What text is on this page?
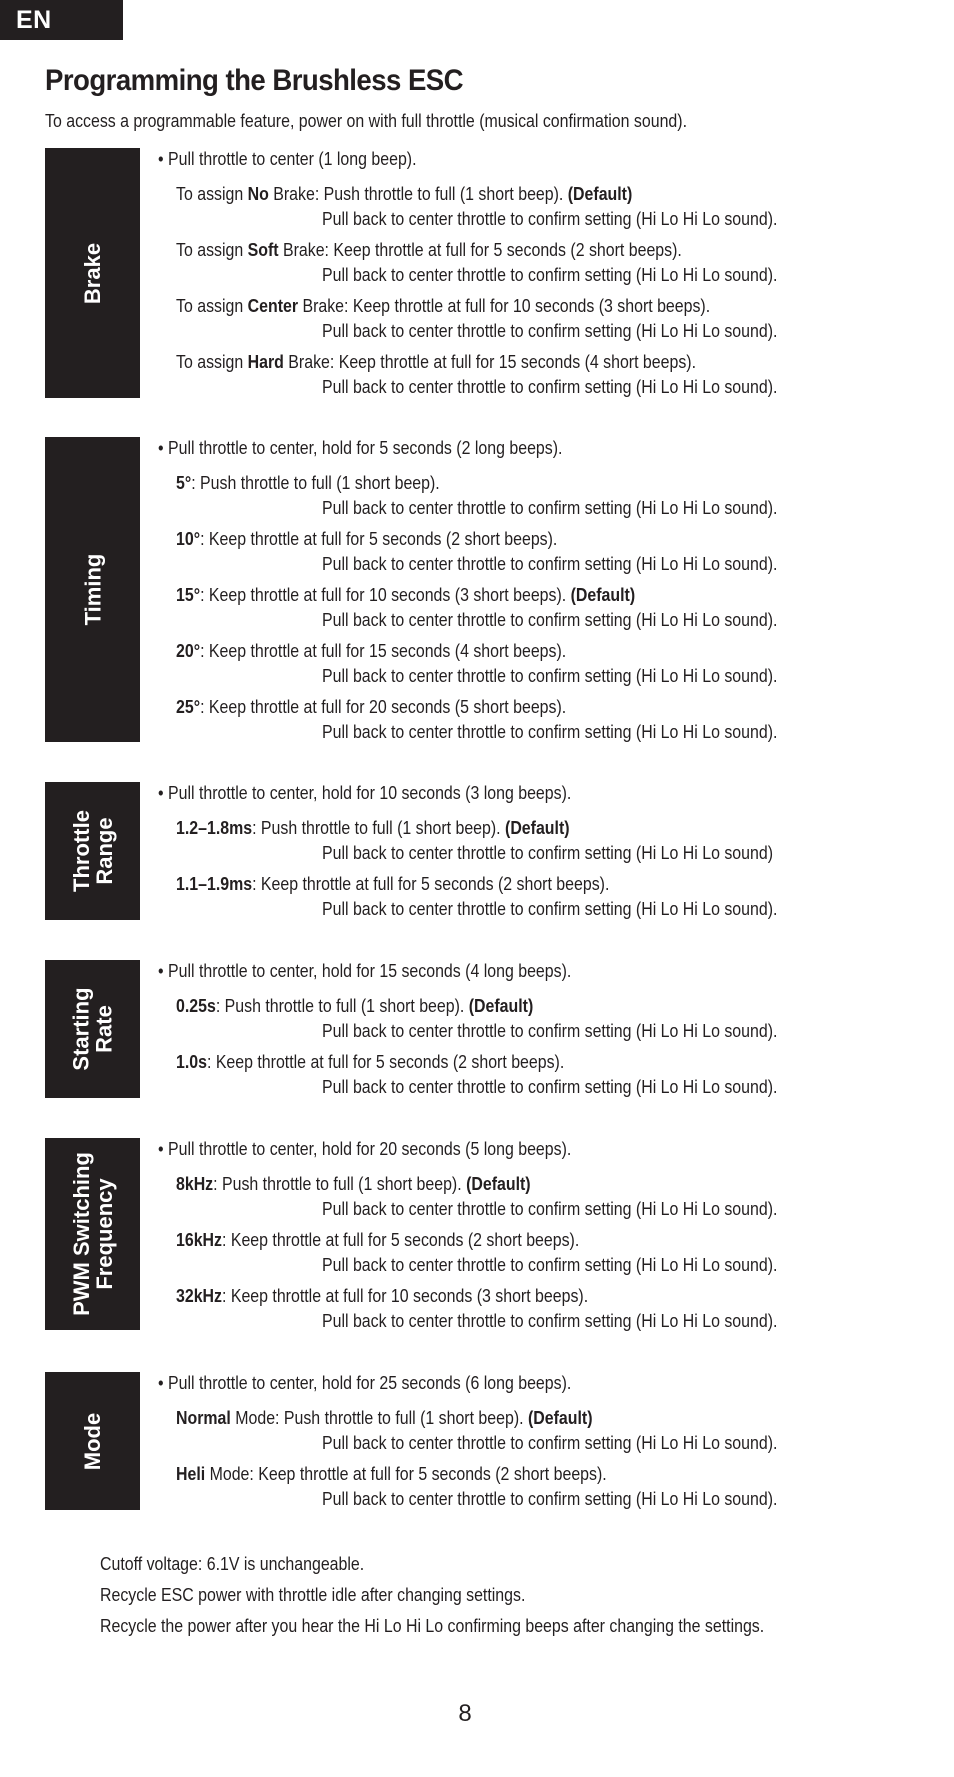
EN
Programming the Brushless ESC
To access a programmable feature, power on with full throttle (musical confirmation sound).
Brake
• Pull throttle to center (1 long beep).
To assign No Brake: Push throttle to full (1 short beep). (Default)
Pull back to center throttle to confirm setting (Hi Lo Hi Lo sound).
To assign Soft Brake: Keep throttle at full for 5 seconds (2 short beeps).
Pull back to center throttle to confirm setting (Hi Lo Hi Lo sound).
To assign Center Brake: Keep throttle at full for 10 seconds (3 short beeps).
Pull back to center throttle to confirm setting (Hi Lo Hi Lo sound).
To assign Hard Brake: Keep throttle at full for 15 seconds (4 short beeps).
Pull back to center throttle to confirm setting (Hi Lo Hi Lo sound).
Timing
• Pull throttle to center, hold for 5 seconds (2 long beeps).
5°: Push throttle to full (1 short beep).
Pull back to center throttle to confirm setting (Hi Lo Hi Lo sound).
10°: Keep throttle at full for 5 seconds (2 short beeps).
Pull back to center throttle to confirm setting (Hi Lo Hi Lo sound).
15°: Keep throttle at full for 10 seconds (3 short beeps). (Default)
Pull back to center throttle to confirm setting (Hi Lo Hi Lo sound).
20°: Keep throttle at full for 15 seconds (4 short beeps).
Pull back to center throttle to confirm setting (Hi Lo Hi Lo sound).
25°: Keep throttle at full for 20 seconds (5 short beeps).
Pull back to center throttle to confirm setting (Hi Lo Hi Lo sound).
Throttle
Range
• Pull throttle to center, hold for 10 seconds (3 long beeps).
1.2–1.8ms: Push throttle to full (1 short beep). (Default)
Pull back to center throttle to confirm setting (Hi Lo Hi Lo sound)
1.1–1.9ms: Keep throttle at full for 5 seconds (2 short beeps).
Pull back to center throttle to confirm setting (Hi Lo Hi Lo sound).
Starting
Rate
• Pull throttle to center, hold for 15 seconds (4 long beeps).
0.25s: Push throttle to full (1 short beep). (Default)
Pull back to center throttle to confirm setting (Hi Lo Hi Lo sound).
1.0s: Keep throttle at full for 5 seconds (2 short beeps).
Pull back to center throttle to confirm setting (Hi Lo Hi Lo sound).
PWM Switching
Frequency
• Pull throttle to center, hold for 20 seconds (5 long beeps).
8kHz: Push throttle to full (1 short beep). (Default)
Pull back to center throttle to confirm setting (Hi Lo Hi Lo sound).
16kHz: Keep throttle at full for 5 seconds (2 short beeps).
Pull back to center throttle to confirm setting (Hi Lo Hi Lo sound).
32kHz: Keep throttle at full for 10 seconds (3 short beeps).
Pull back to center throttle to confirm setting (Hi Lo Hi Lo sound).
Mode
• Pull throttle to center, hold for 25 seconds (6 long beeps).
Normal Mode: Push throttle to full (1 short beep). (Default)
Pull back to center throttle to confirm setting (Hi Lo Hi Lo sound).
Heli Mode: Keep throttle at full for 5 seconds (2 short beeps).
Pull back to center throttle to confirm setting (Hi Lo Hi Lo sound).
Cutoff voltage: 6.1V is unchangeable.
Recycle ESC power with throttle idle after changing settings.
Recycle the power after you hear the Hi Lo Hi Lo confirming beeps after changing the settings.
8
